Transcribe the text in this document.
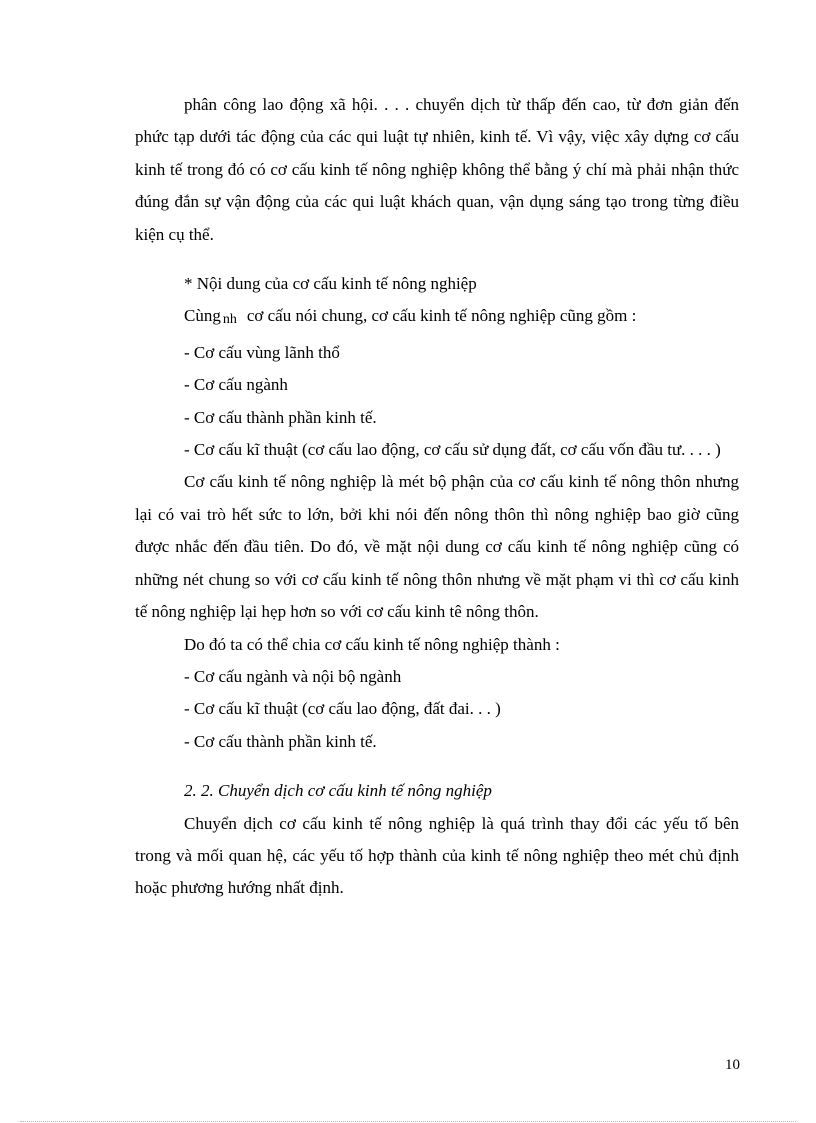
phân công lao động xã hội. . . . chuyển dịch từ thấp đến cao, từ đơn giản đến phức tạp dưới tác động của các qui luật tự nhiên, kinh tế. Vì vậy, việc xây dựng cơ cấu kinh tế trong đó có cơ cấu kinh tế nông nghiệp không thể bằng ý chí mà phải nhận thức đúng đắn sự vận động của các qui luật khách quan, vận dụng sáng tạo trong từng điều kiện cụ thể.

* Nội dung của cơ cấu kinh tế nông nghiệp

Cùng nh cơ cấu nói chung, cơ cấu kinh tế nông nghiệp cũng gồm :

- Cơ cấu vùng lãnh thổ

- Cơ cấu ngành

- Cơ cấu thành phần kinh tế.

- Cơ cấu kĩ thuật (cơ cấu lao động, cơ cấu sử dụng đất, cơ cấu vốn đầu tư. . . . )

Cơ cấu kinh tế nông nghiệp là mét bộ phận của cơ cấu kinh tế nông thôn nhưng lại có vai trò hết sức to lớn, bởi khi nói đến nông thôn thì nông nghiệp bao giờ cũng được nhắc đến đầu tiên. Do đó, về mặt nội dung cơ cấu kinh tế nông nghiệp cũng có những nét chung so với cơ cấu kinh tế nông thôn nhưng về mặt phạm vi thì cơ cấu kinh tế nông nghiệp lại hẹp hơn so với cơ cấu kinh tê nông thôn.

Do đó ta có thể chia cơ cấu kinh tế nông nghiệp thành :

- Cơ cấu ngành và nội bộ ngành

- Cơ cấu kĩ thuật (cơ cấu lao động, đất đai. . . )

- Cơ cấu thành phần kinh tế.

2. 2. Chuyển dịch cơ cấu kinh tế nông nghiệp

Chuyển dịch cơ cấu kinh tế nông nghiệp là quá trình thay đổi các yếu tố bên trong và mối quan hệ, các yếu tố hợp thành của kinh tế nông nghiệp theo mét chủ định hoặc phương hướng nhất định.

10
